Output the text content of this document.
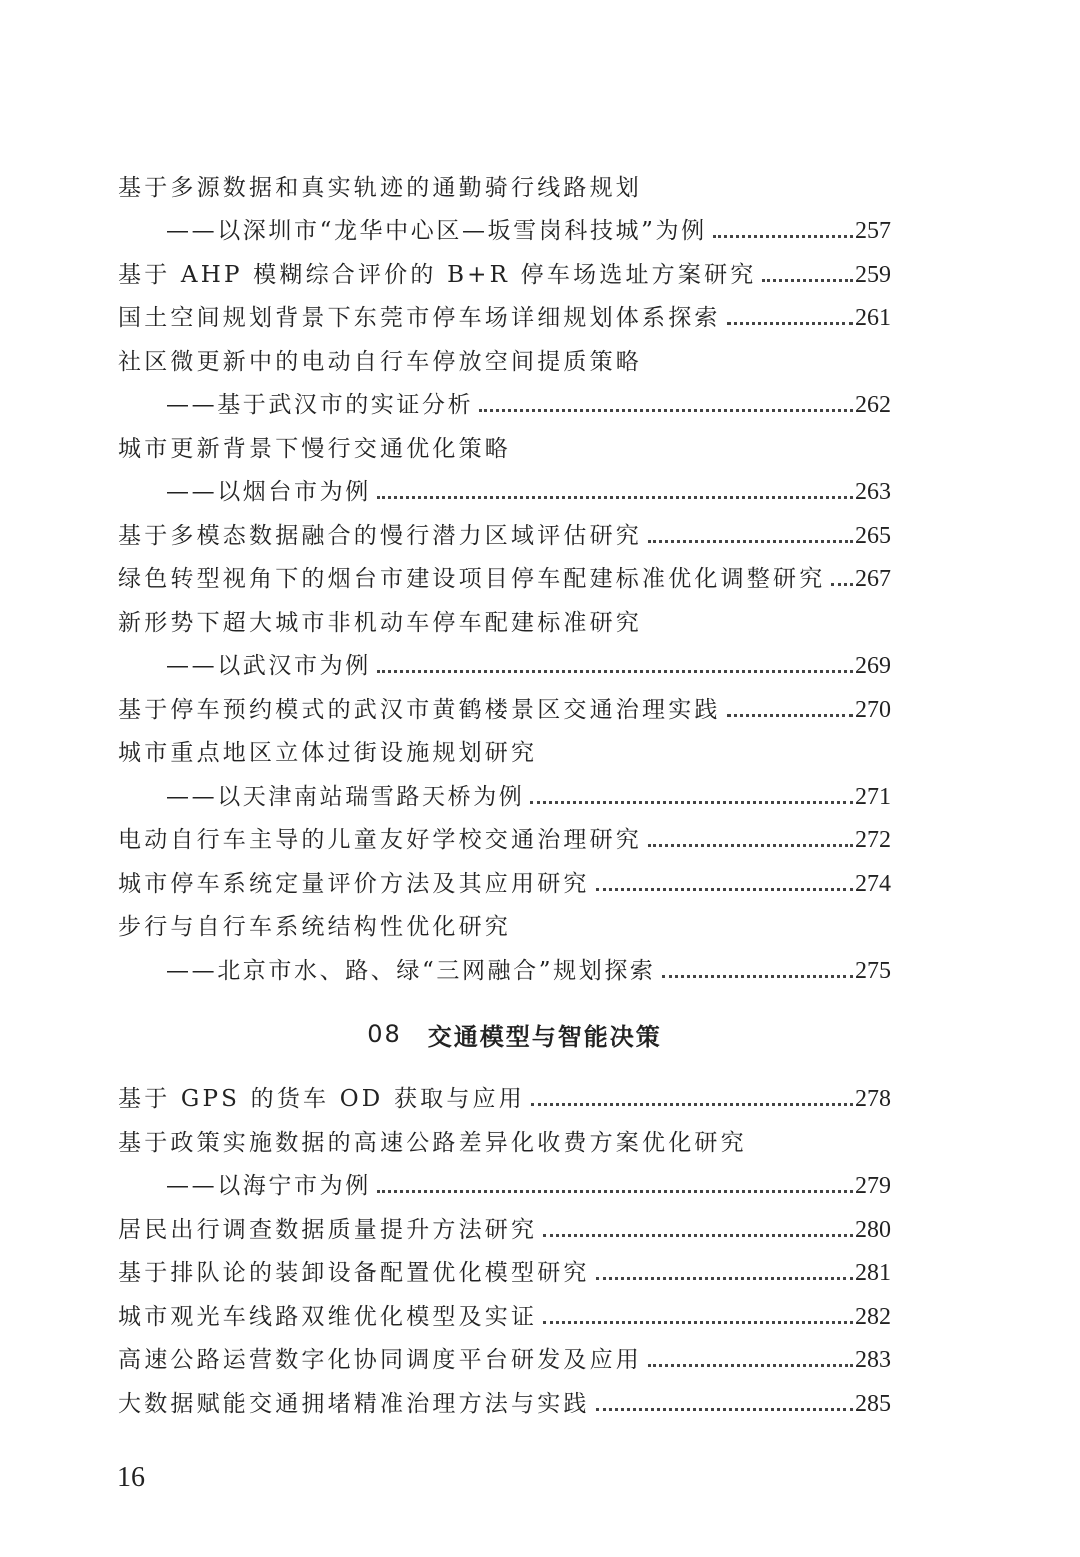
基于多源数据和真实轨迹的通勤骑行线路规划
——以深圳市“龙华中心区—坂雪岗科技城”为例	257
基于 AHP 模糊综合评价的 B+R 停车场选址方案研究	259
国土空间规划背景下东莞市停车场详细规划体系探索	261
社区微更新中的电动自行车停放空间提质策略
——基于武汉市的实证分析	262
城市更新背景下慢行交通优化策略
——以烟台市为例	263
基于多模态数据融合的慢行潜力区域评估研究	265
绿色转型视角下的烟台市建设项目停车配建标准优化调整研究 267
新形势下超大城市非机动车停车配建标准研究
——以武汉市为例	269
基于停车预约模式的武汉市黄鹤楼景区交通治理实践	270
城市重点地区立体过街设施规划研究
——以天津南站瑞雪路天桥为例	271
电动自行车主导的儿童友好学校交通治理研究	272
城市停车系统定量评价方法及其应用研究	274
步行与自行车系统结构性优化研究
——北京市水、路、绿“三网融合”规划探索	275
08 交通模型与智能决策
基于 GPS 的货车 OD 获取与应用	278
基于政策实施数据的高速公路差异化收费方案优化研究
——以海宁市为例	279
居民出行调查数据质量提升方法研究	280
基于排队论的装卸设备配置优化模型研究	281
城市观光车线路双维优化模型及实证	282
高速公路运营数字化协同调度平台研发及应用	283
大数据赋能交通拥堵精准治理方法与实践	285
16
